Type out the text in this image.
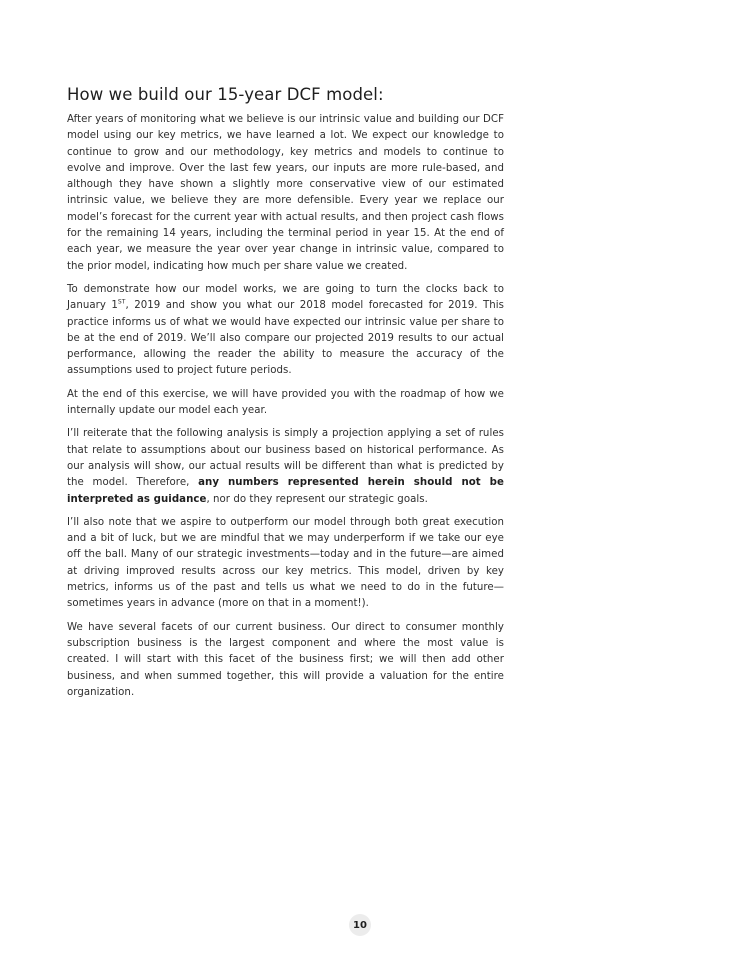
How we build our 15-year DCF model:

After years of monitoring what we believe is our intrinsic value and building our DCF model using our key metrics, we have learned a lot. We expect our knowledge to continue to grow and our methodology, key metrics and models to continue to evolve and improve. Over the last few years, our inputs are more rule-based, and although they have shown a slightly more conservative view of our estimated intrinsic value, we believe they are more defensible. Every year we replace our model’s forecast for the current year with actual results, and then project cash flows for the remaining 14 years, including the terminal period in year 15. At the end of each year, we measure the year over year change in intrinsic value, compared to the prior model, indicating how much per share value we created.

To demonstrate how our model works, we are going to turn the clocks back to January 1ST, 2019 and show you what our 2018 model forecasted for 2019. This practice informs us of what we would have expected our intrinsic value per share to be at the end of 2019. We’ll also compare our projected 2019 results to our actual performance, allowing the reader the ability to measure the accuracy of the assumptions used to project future periods.

At the end of this exercise, we will have provided you with the roadmap of how we internally update our model each year.

I’ll reiterate that the following analysis is simply a projection applying a set of rules that relate to assumptions about our business based on historical performance. As our analysis will show, our actual results will be different than what is predicted by the model. Therefore, any numbers represented herein should not be interpreted as guidance, nor do they represent our strategic goals.

I’ll also note that we aspire to outperform our model through both great execution and a bit of luck, but we are mindful that we may underperform if we take our eye off the ball. Many of our strategic investments—today and in the future—are aimed at driving improved results across our key metrics. This model, driven by key metrics, informs us of the past and tells us what we need to do in the future—sometimes years in advance (more on that in a moment!).

We have several facets of our current business. Our direct to consumer monthly subscription business is the largest component and where the most value is created. I will start with this facet of the business first; we will then add other business, and when summed together, this will provide a valuation for the entire organization.

10
